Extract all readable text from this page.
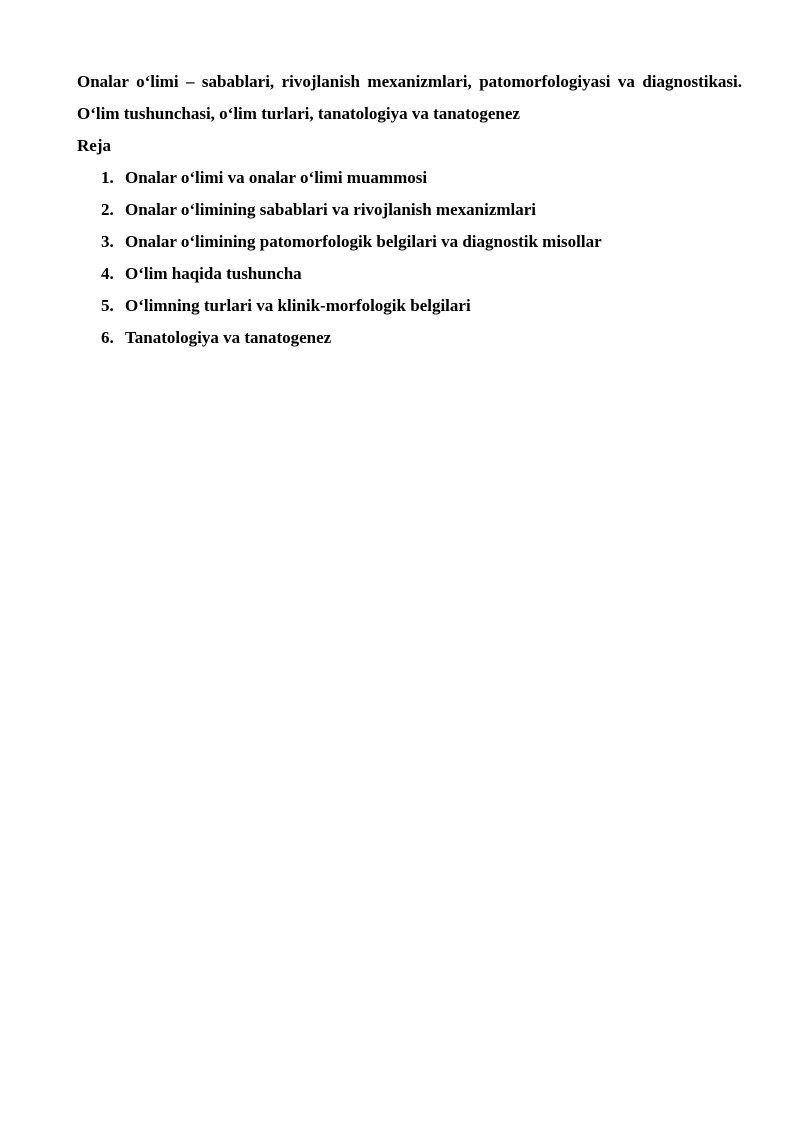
Onalar o‘limi – sabablari, rivojlanish mexanizmlari, patomorfologiyasi va diagnostikasi. O‘lim tushunchasi, o‘lim turlari, tanatologiya va tanatogenez

Reja

1. Onalar o‘limi va onalar o‘limi muammosi
2. Onalar o‘limining sabablari va rivojlanish mexanizmlari
3. Onalar o‘limining patomorfologik belgilari va diagnostik misollar
4. O‘lim haqida tushuncha
5. O‘limning turlari va klinik-morfologik belgilari
6. Tanatologiya va tanatogenez
